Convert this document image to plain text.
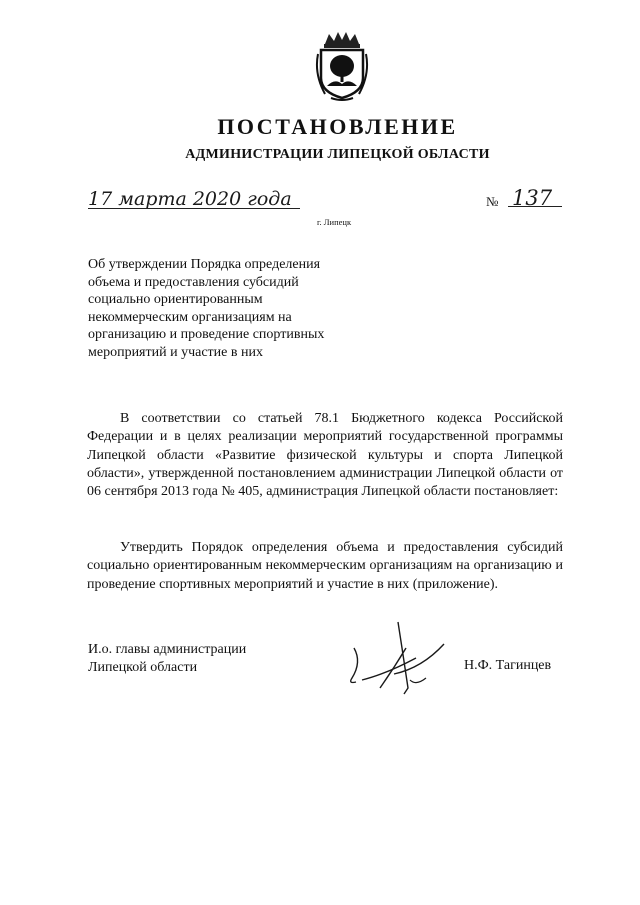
ПОСТАНОВЛЕНИЕ
АДМИНИСТРАЦИИ ЛИПЕЦКОЙ ОБЛАСТИ
17 марта 2020 года
г. Липецк
№ 137
Об утверждении Порядка определения
объема и предоставления субсидий
социально ориентированным
некоммерческим организациям на
организацию и проведение спортивных
мероприятий и участие в них

В соответствии со статьей 78.1 Бюджетного кодекса Российской Федерации и в целях реализации мероприятий государственной программы Липецкой области «Развитие физической культуры и спорта Липецкой области», утвержденной постановлением администрации Липецкой области от 06 сентября 2013 года № 405, администрация Липецкой области постановляет:

Утвердить Порядок определения объема и предоставления субсидий социально ориентированным некоммерческим организациям на организацию и проведение спортивных мероприятий и участие в них (приложение).

И.о. главы администрации
Липецкой области	Н.Ф. Тагинцев
